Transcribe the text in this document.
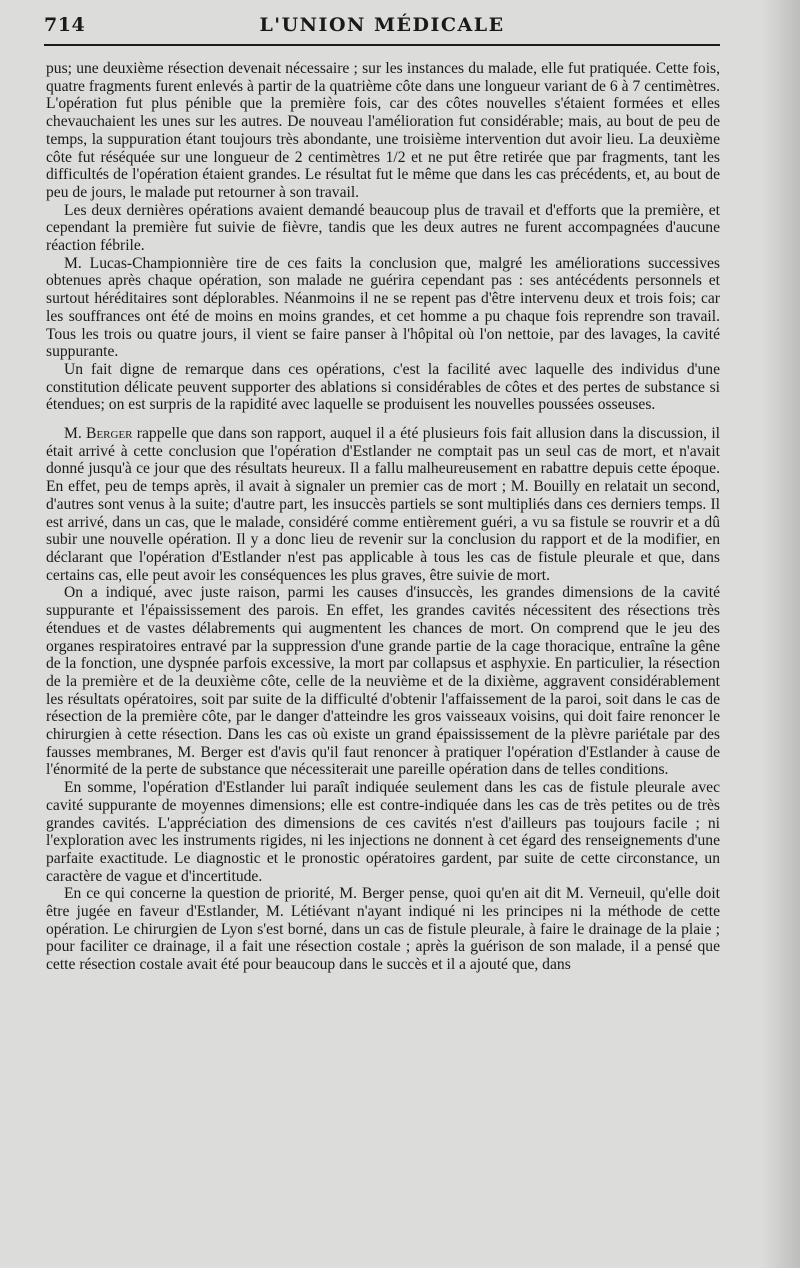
714	L'UNION MÉDICALE

pus; une deuxième résection devenait nécessaire ; sur les instances du malade, elle fut pratiquée. Cette fois, quatre fragments furent enlevés à partir de la quatrième côte dans une longueur variant de 6 à 7 centimètres. L'opération fut plus pénible que la première fois, car des côtes nouvelles s'étaient formées et elles chevauchaient les unes sur les autres. De nouveau l'amélioration fut considérable; mais, au bout de peu de temps, la suppuration étant toujours très abondante, une troisième intervention dut avoir lieu. La deuxième côte fut réséquée sur une longueur de 2 centimètres 1/2 et ne put être retirée que par fragments, tant les difficultés de l'opération étaient grandes. Le résultat fut le même que dans les cas précédents, et, au bout de peu de jours, le malade put retourner à son travail.

Les deux dernières opérations avaient demandé beaucoup plus de travail et d'efforts que la première, et cependant la première fut suivie de fièvre, tandis que les deux autres ne furent accompagnées d'aucune réaction fébrile.

M. Lucas-Championnière tire de ces faits la conclusion que, malgré les améliorations successives obtenues après chaque opération, son malade ne guérira cependant pas : ses antécédents personnels et surtout héréditaires sont déplorables. Néanmoins il ne se repent pas d'être intervenu deux et trois fois; car les souffrances ont été de moins en moins grandes, et cet homme a pu chaque fois reprendre son travail. Tous les trois ou quatre jours, il vient se faire panser à l'hôpital où l'on nettoie, par des lavages, la cavité suppurante.

Un fait digne de remarque dans ces opérations, c'est la facilité avec laquelle des individus d'une constitution délicate peuvent supporter des ablations si considérables de côtes et des pertes de substance si étendues; on est surpris de la rapidité avec laquelle se produisent les nouvelles poussées osseuses.

M. Berger rappelle que dans son rapport, auquel il a été plusieurs fois fait allusion dans la discussion, il était arrivé à cette conclusion que l'opération d'Estlander ne comptait pas un seul cas de mort, et n'avait donné jusqu'à ce jour que des résultats heureux. Il a fallu malheureusement en rabattre depuis cette époque. En effet, peu de temps après, il avait à signaler un premier cas de mort ; M. Bouilly en relatait un second, d'autres sont venus à la suite; d'autre part, les insuccès partiels se sont multipliés dans ces derniers temps. Il est arrivé, dans un cas, que le malade, considéré comme entièrement guéri, a vu sa fistule se rouvrir et a dû subir une nouvelle opération. Il y a donc lieu de revenir sur la conclusion du rapport et de la modifier, en déclarant que l'opération d'Estlander n'est pas applicable à tous les cas de fistule pleurale et que, dans certains cas, elle peut avoir les conséquences les plus graves, être suivie de mort.

On a indiqué, avec juste raison, parmi les causes d'insuccès, les grandes dimensions de la cavité suppurante et l'épaississement des parois. En effet, les grandes cavités nécessitent des résections très étendues et de vastes délabrements qui augmentent les chances de mort. On comprend que le jeu des organes respiratoires entravé par la suppression d'une grande partie de la cage thoracique, entraîne la gêne de la fonction, une dyspnée parfois excessive, la mort par collapsus et asphyxie. En particulier, la résection de la première et de la deuxième côte, celle de la neuvième et de la dixième, aggravent considérablement les résultats opératoires, soit par suite de la difficulté d'obtenir l'affaissement de la paroi, soit dans le cas de résection de la première côte, par le danger d'atteindre les gros vaisseaux voisins, qui doit faire renoncer le chirurgien à cette résection. Dans les cas où existe un grand épaississement de la plèvre pariétale par des fausses membranes, M. Berger est d'avis qu'il faut renoncer à pratiquer l'opération d'Estlander à cause de l'énormité de la perte de substance que nécessiterait une pareille opération dans de telles conditions.

En somme, l'opération d'Estlander lui paraît indiquée seulement dans les cas de fistule pleurale avec cavité suppurante de moyennes dimensions; elle est contre-indiquée dans les cas de très petites ou de très grandes cavités. L'appréciation des dimensions de ces cavités n'est d'ailleurs pas toujours facile ; ni l'exploration avec les instruments rigides, ni les injections ne donnent à cet égard des renseignements d'une parfaite exactitude. Le diagnostic et le pronostic opératoires gardent, par suite de cette circonstance, un caractère de vague et d'incertitude.

En ce qui concerne la question de priorité, M. Berger pense, quoi qu'en ait dit M. Verneuil, qu'elle doit être jugée en faveur d'Estlander, M. Létiévant n'ayant indiqué ni les principes ni la méthode de cette opération. Le chirurgien de Lyon s'est borné, dans un cas de fistule pleurale, à faire le drainage de la plaie ; pour faciliter ce drainage, il a fait une résection costale ; après la guérison de son malade, il a pensé que cette résection costale avait été pour beaucoup dans le succès et il a ajouté que, dans
